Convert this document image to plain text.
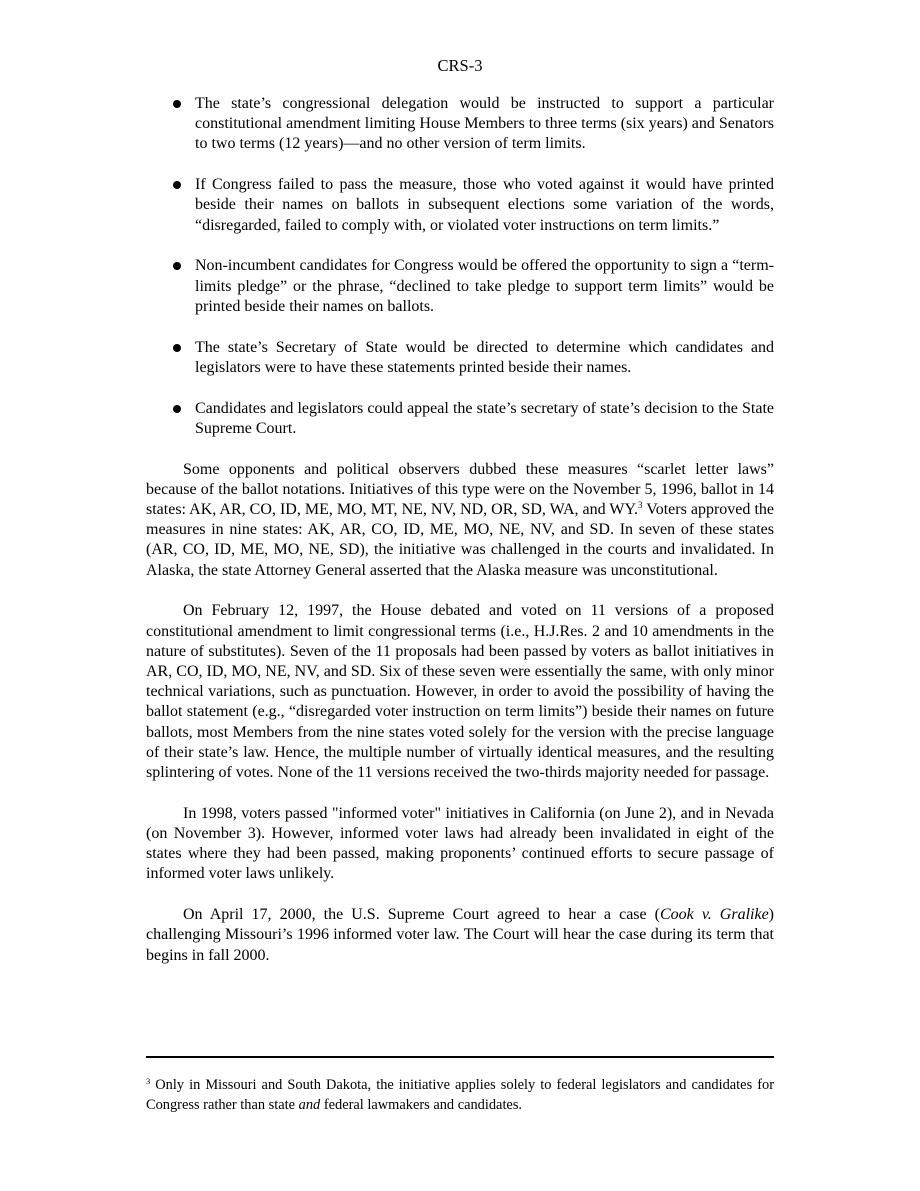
CRS-3
The state’s congressional delegation would be instructed to support a particular constitutional amendment limiting House Members to three terms (six years) and Senators to two terms (12 years)—and no other version of term limits.
If Congress failed to pass the measure, those who voted against it would have printed beside their names on ballots in subsequent elections some variation of the words, “disregarded, failed to comply with, or violated voter instructions on term limits.”
Non-incumbent candidates for Congress would be offered the opportunity to sign a “term-limits pledge” or the phrase, “declined to take pledge to support term limits” would be printed beside their names on ballots.
The state’s Secretary of State would be directed to determine which candidates and legislators were to have these statements printed beside their names.
Candidates and legislators could appeal the state’s secretary of state’s decision to the State Supreme Court.

Some opponents and political observers dubbed these measures “scarlet letter laws” because of the ballot notations. Initiatives of this type were on the November 5, 1996, ballot in 14 states: AK, AR, CO, ID, ME, MO, MT, NE, NV, ND, OR, SD, WA, and WY.$^3$ Voters approved the measures in nine states: AK, AR, CO, ID, ME, MO, NE, NV, and SD. In seven of these states (AR, CO, ID, ME, MO, NE, SD), the initiative was challenged in the courts and invalidated. In Alaska, the state Attorney General asserted that the Alaska measure was unconstitutional.

On February 12, 1997, the House debated and voted on 11 versions of a proposed constitutional amendment to limit congressional terms (i.e., H.J.Res. 2 and 10 amendments in the nature of substitutes). Seven of the 11 proposals had been passed by voters as ballot initiatives in AR, CO, ID, MO, NE, NV, and SD. Six of these seven were essentially the same, with only minor technical variations, such as punctuation. However, in order to avoid the possibility of having the ballot statement (e.g., “disregarded voter instruction on term limits”) beside their names on future ballots, most Members from the nine states voted solely for the version with the precise language of their state’s law. Hence, the multiple number of virtually identical measures, and the resulting splintering of votes. None of the 11 versions received the two-thirds majority needed for passage.

In 1998, voters passed "informed voter" initiatives in California (on June 2), and in Nevada (on November 3). However, informed voter laws had already been invalidated in eight of the states where they had been passed, making proponents’ continued efforts to secure passage of informed voter laws unlikely.

On April 17, 2000, the U.S. Supreme Court agreed to hear a case (Cook v. Gralike) challenging Missouri’s 1996 informed voter law. The Court will hear the case during its term that begins in fall 2000.

$^3$ Only in Missouri and South Dakota, the initiative applies solely to federal legislators and candidates for Congress rather than state and federal lawmakers and candidates.
